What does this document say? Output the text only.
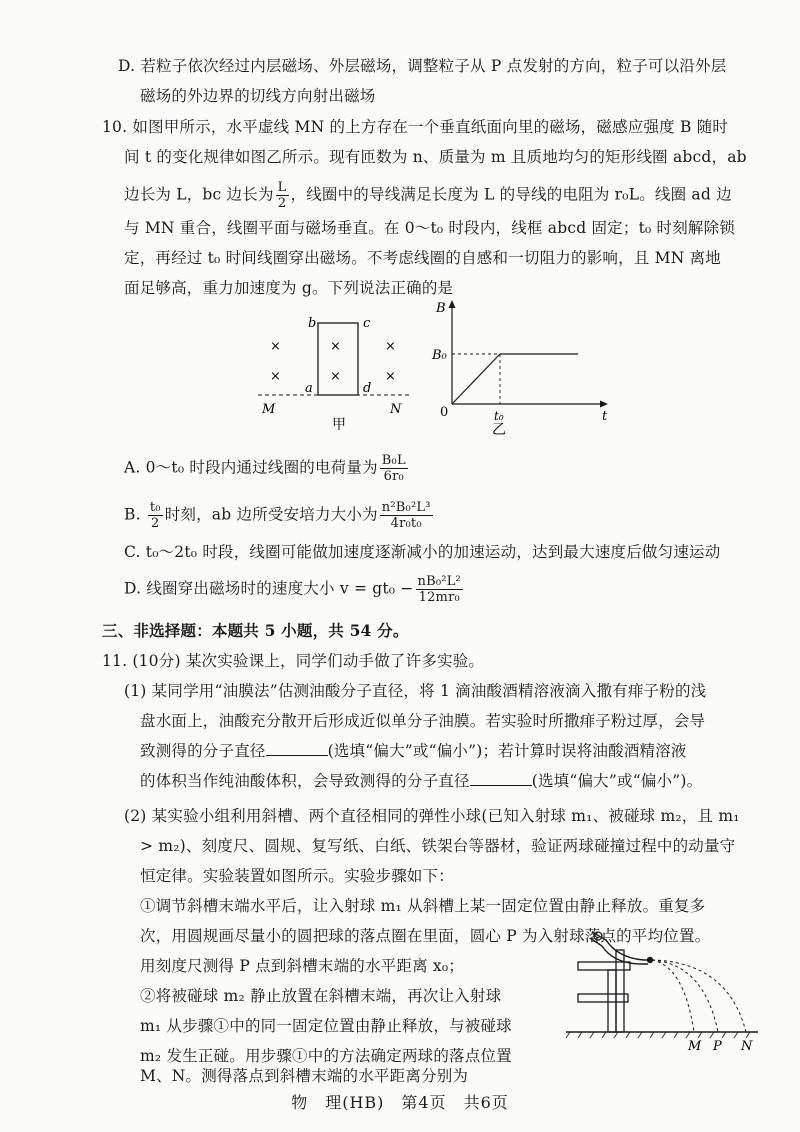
D. 若粒子依次经过内层磁场、外层磁场，调整粒子从 P 点发射的方向，粒子可以沿外层
磁场的外边界的切线方向射出磁场
10. 如图甲所示，水平虚线 MN 的上方存在一个垂直纸面向里的磁场，磁感应强度 B 随时
间 t 的变化规律如图乙所示。现有匝数为 n、质量为 m 且质地均匀的矩形线圈 abcd，ab
边长为 L，bc 边长为 $\frac{L}{2}$ ，线圈中的导线满足长度为 L 的导线的电阻为 r₀L。线圈 ad 边
与 MN 重合，线圈平面与磁场垂直。在 0～t₀ 时段内，线框 abcd 固定；t₀ 时刻解除锁
定，再经过 t₀ 时间线圈穿出磁场。不考虑线圈的自感和一切阻力的影响，且 MN 离地
面足够高，重力加速度为 g。下列说法正确的是
b	c
a	d
×
×
×
×
×
×
M	N
甲
B
B₀
0	t₀	t
乙
A. 0～t₀ 时段内通过线圈的电荷量为 $\frac{\text{B₀L}}{\text{6r₀}}$
B. $\frac{\text{t₀}}{2}$ 时刻，ab 边所受安培力大小为 $\frac{\text{n²B₀²L³}}{\text{4r₀t₀}}$
C. t₀～2t₀ 时段，线圈可能做加速度逐渐减小的加速运动，达到最大速度后做匀速运动
D. 线圈穿出磁场时的速度大小 $v = gt_0 - \frac{\text{nB₀²L²}}{\text{12mr₀}}$
三、非选择题：本题共 5 小题，共 54 分。
11. (10分) 某次实验课上，同学们动手做了许多实验。
(1) 某同学用“油膜法”估测油酸分子直径，将 1 滴油酸酒精溶液滴入撒有痱子粉的浅
盘水面上，油酸充分散开后形成近似单分子油膜。若实验时所撒痱子粉过厚，会导
致测得的分子直径	(选填“偏大”或“偏小”)；若计算时误将油酸酒精溶液
的体积当作纯油酸体积，会导致测得的分子直径	(选填“偏大”或“偏小”)。
(2) 某实验小组利用斜槽、两个直径相同的弹性小球(已知入射球 m₁、被碰球 m₂，且 m₁
> m₂)、刻度尺、圆规、复写纸、白纸、铁架台等器材，验证两球碰撞过程中的动量守
恒定律。实验装置如图所示。实验步骤如下：
①调节斜槽末端水平后，让入射球 m₁ 从斜槽上某一固定位置由静止释放。重复多
次，用圆规画尽量小的圆把球的落点圈在里面，圆心 P 为入射球落点的平均位置。
用刻度尺测得 P 点到斜槽末端的水平距离 x₀；
②将被碰球 m₂ 静止放置在斜槽末端，再次让入射球
m₁ 从步骤①中的同一固定位置由静止释放，与被碰球
m₂ 发生正碰。用步骤①中的方法确定两球的落点位置
M、N。测得落点到斜槽末端的水平距离分别为
M P N
物　理(HB)　第4页　共6页
